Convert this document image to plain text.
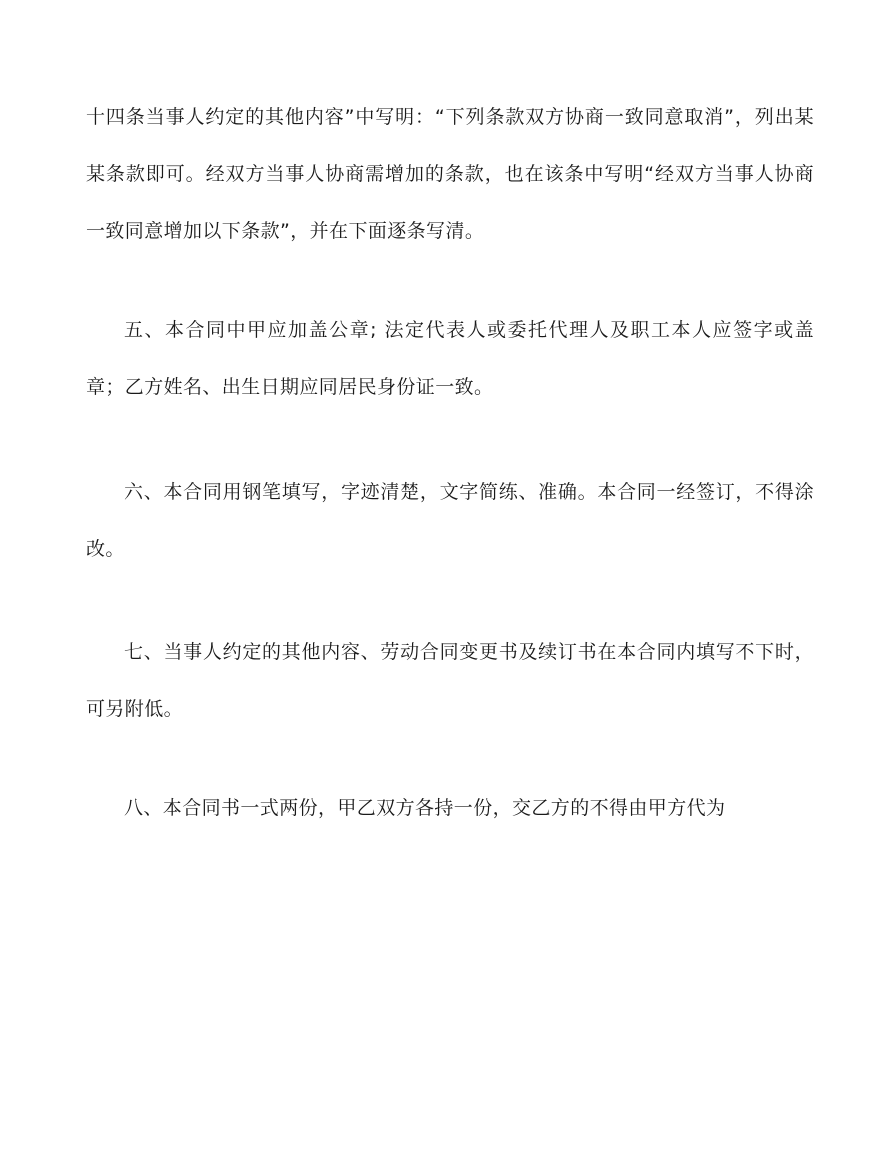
十四条当事人约定的其他内容”中写明：“下列条款双方协商一致同意取消”，列出某某条款即可。经双方当事人协商需增加的条款，也在该条中写明“经双方当事人协商一致同意增加以下条款”，并在下面逐条写清。

五、本合同中甲应加盖公章; 法定代表人或委托代理人及职工本人应签字或盖章；乙方姓名、出生日期应同居民身份证一致。

六、本合同用钢笔填写，字迹清楚，文字简练、准确。本合同一经签订，不得涂改。

七、当事人约定的其他内容、劳动合同变更书及续订书在本合同内填写不下时，可另附低。

八、本合同书一式两份，甲乙双方各持一份，交乙方的不得由甲方代为
